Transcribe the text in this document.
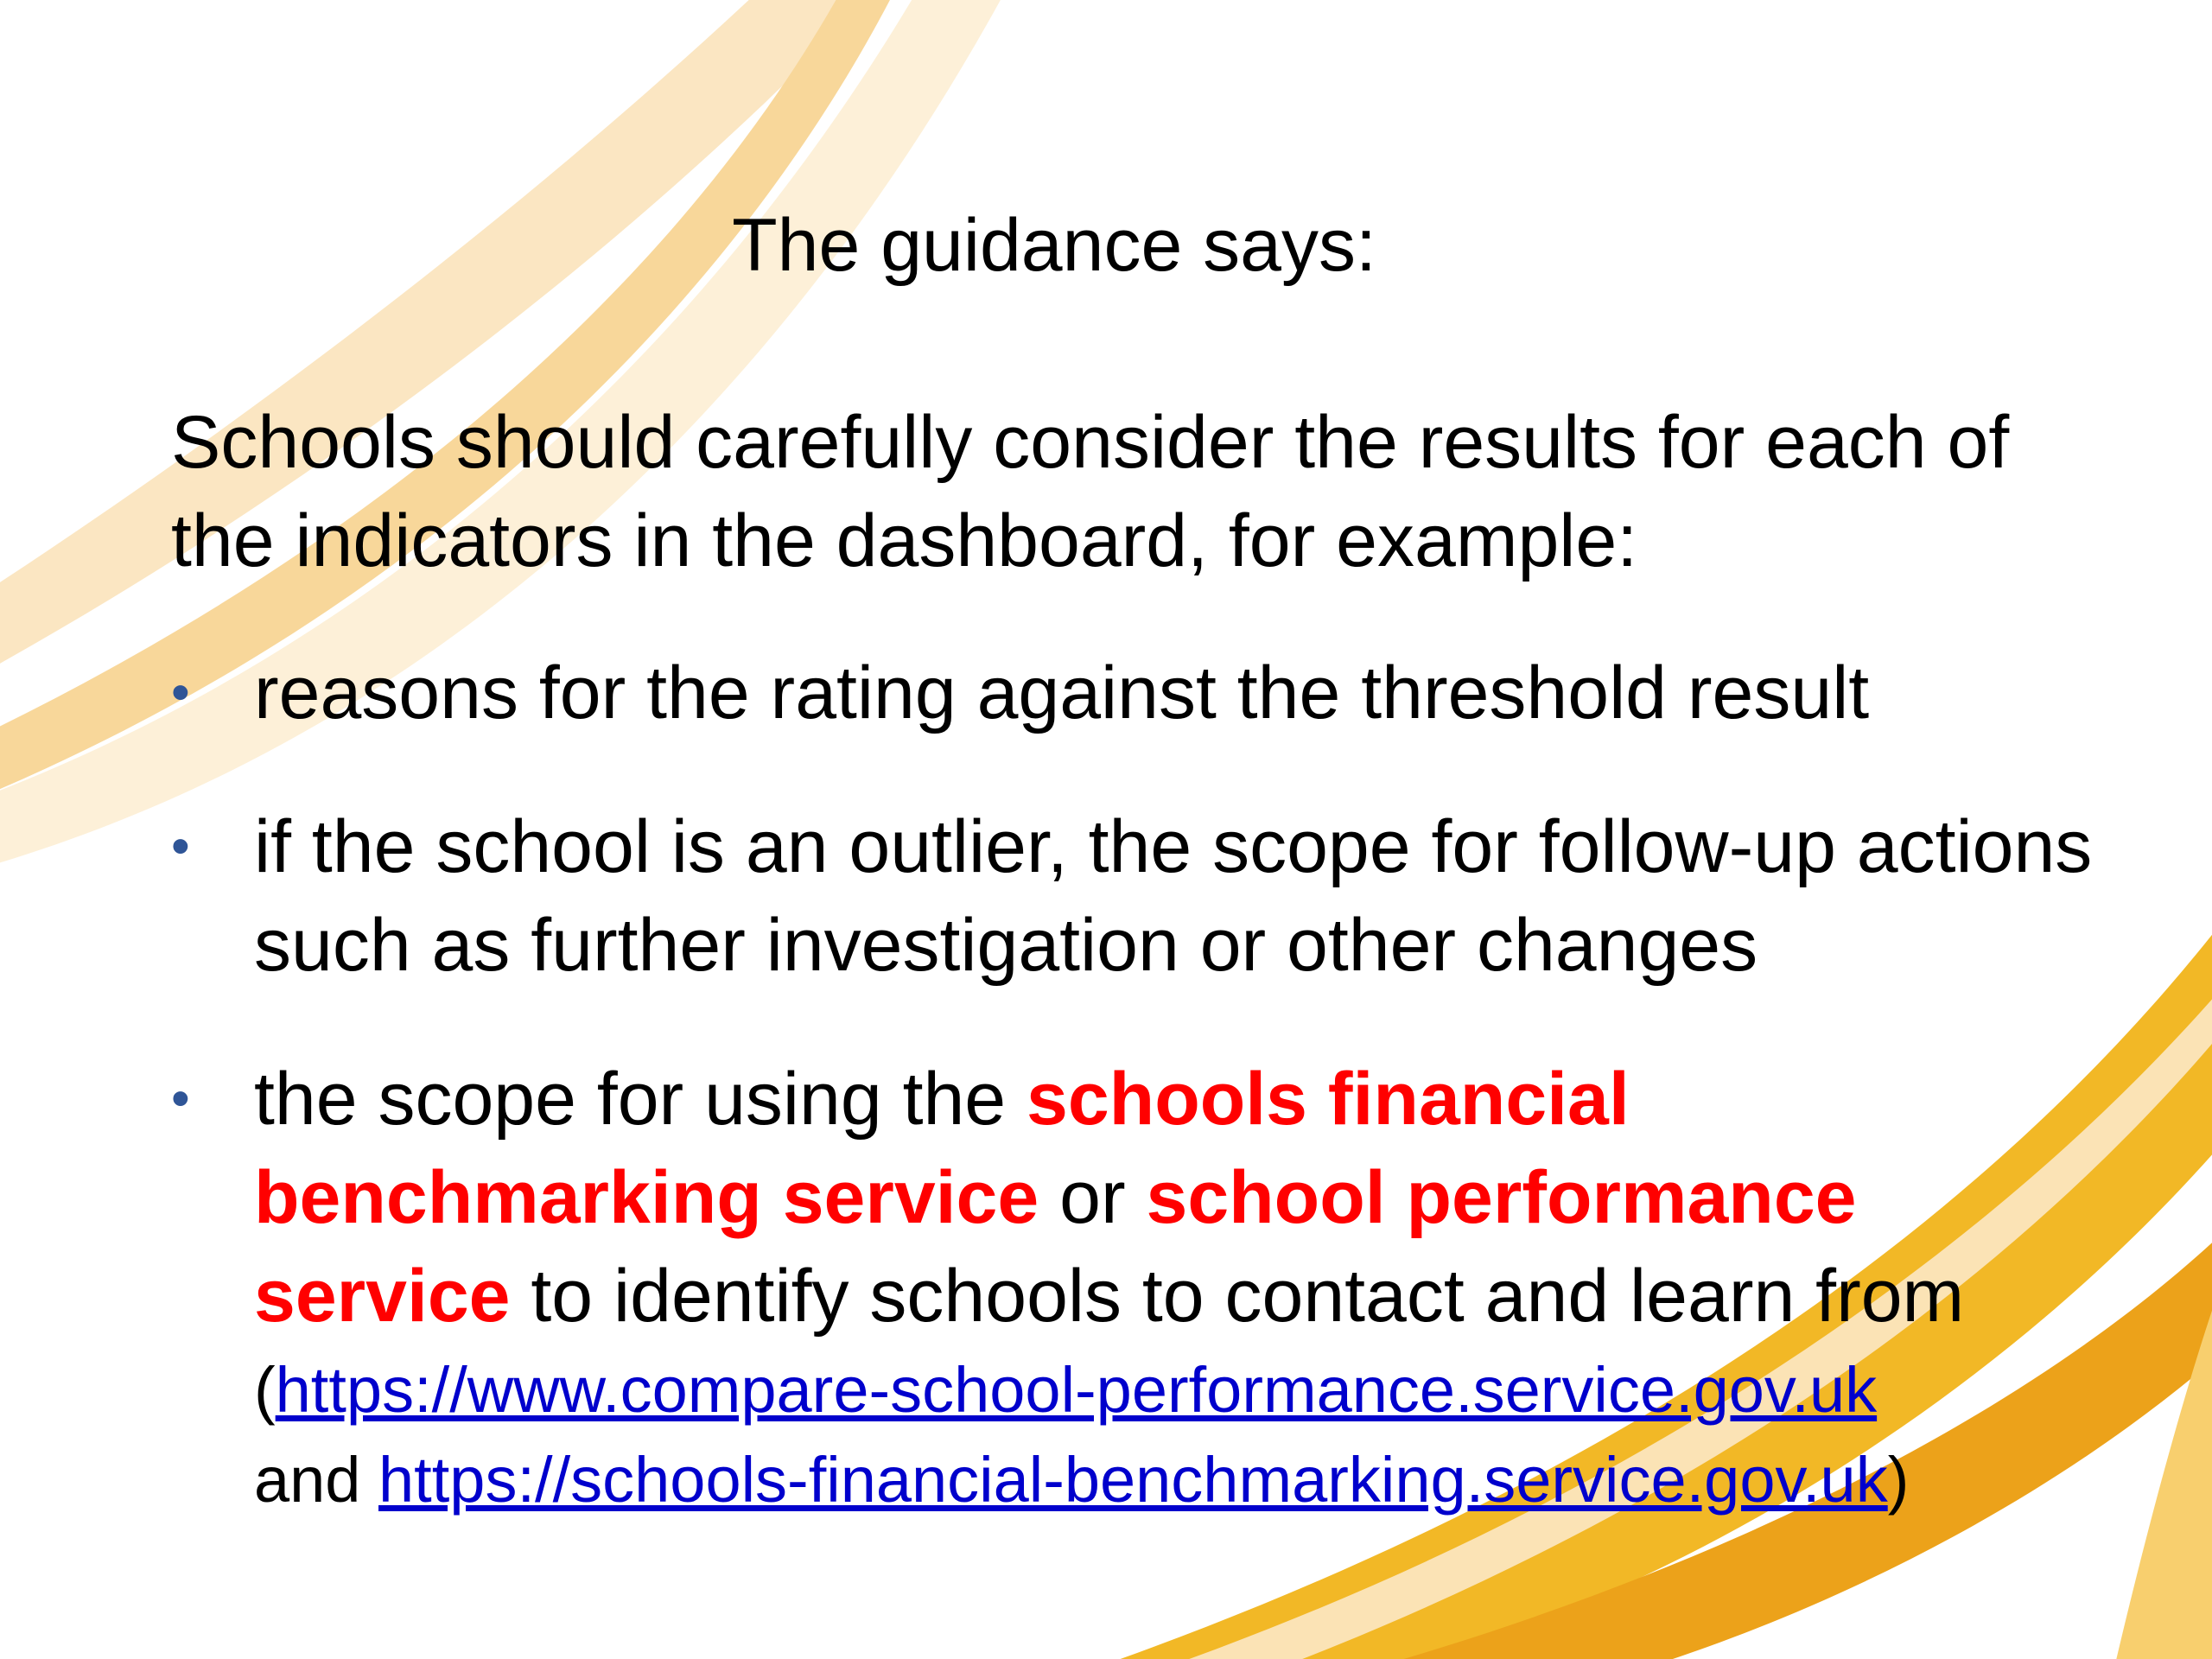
The guidance says:

Schools should carefully consider the results for each of the indicators in the dashboard, for example:

• reasons for the rating against the threshold result
• if the school is an outlier, the scope for follow-up actions such as further investigation or other changes
• the scope for using the schools financial benchmarking service or school performance service to identify schools to contact and learn from
(https://www.compare-school-performance.service.gov.uk
and https://schools-financial-benchmarking.service.gov.uk)
